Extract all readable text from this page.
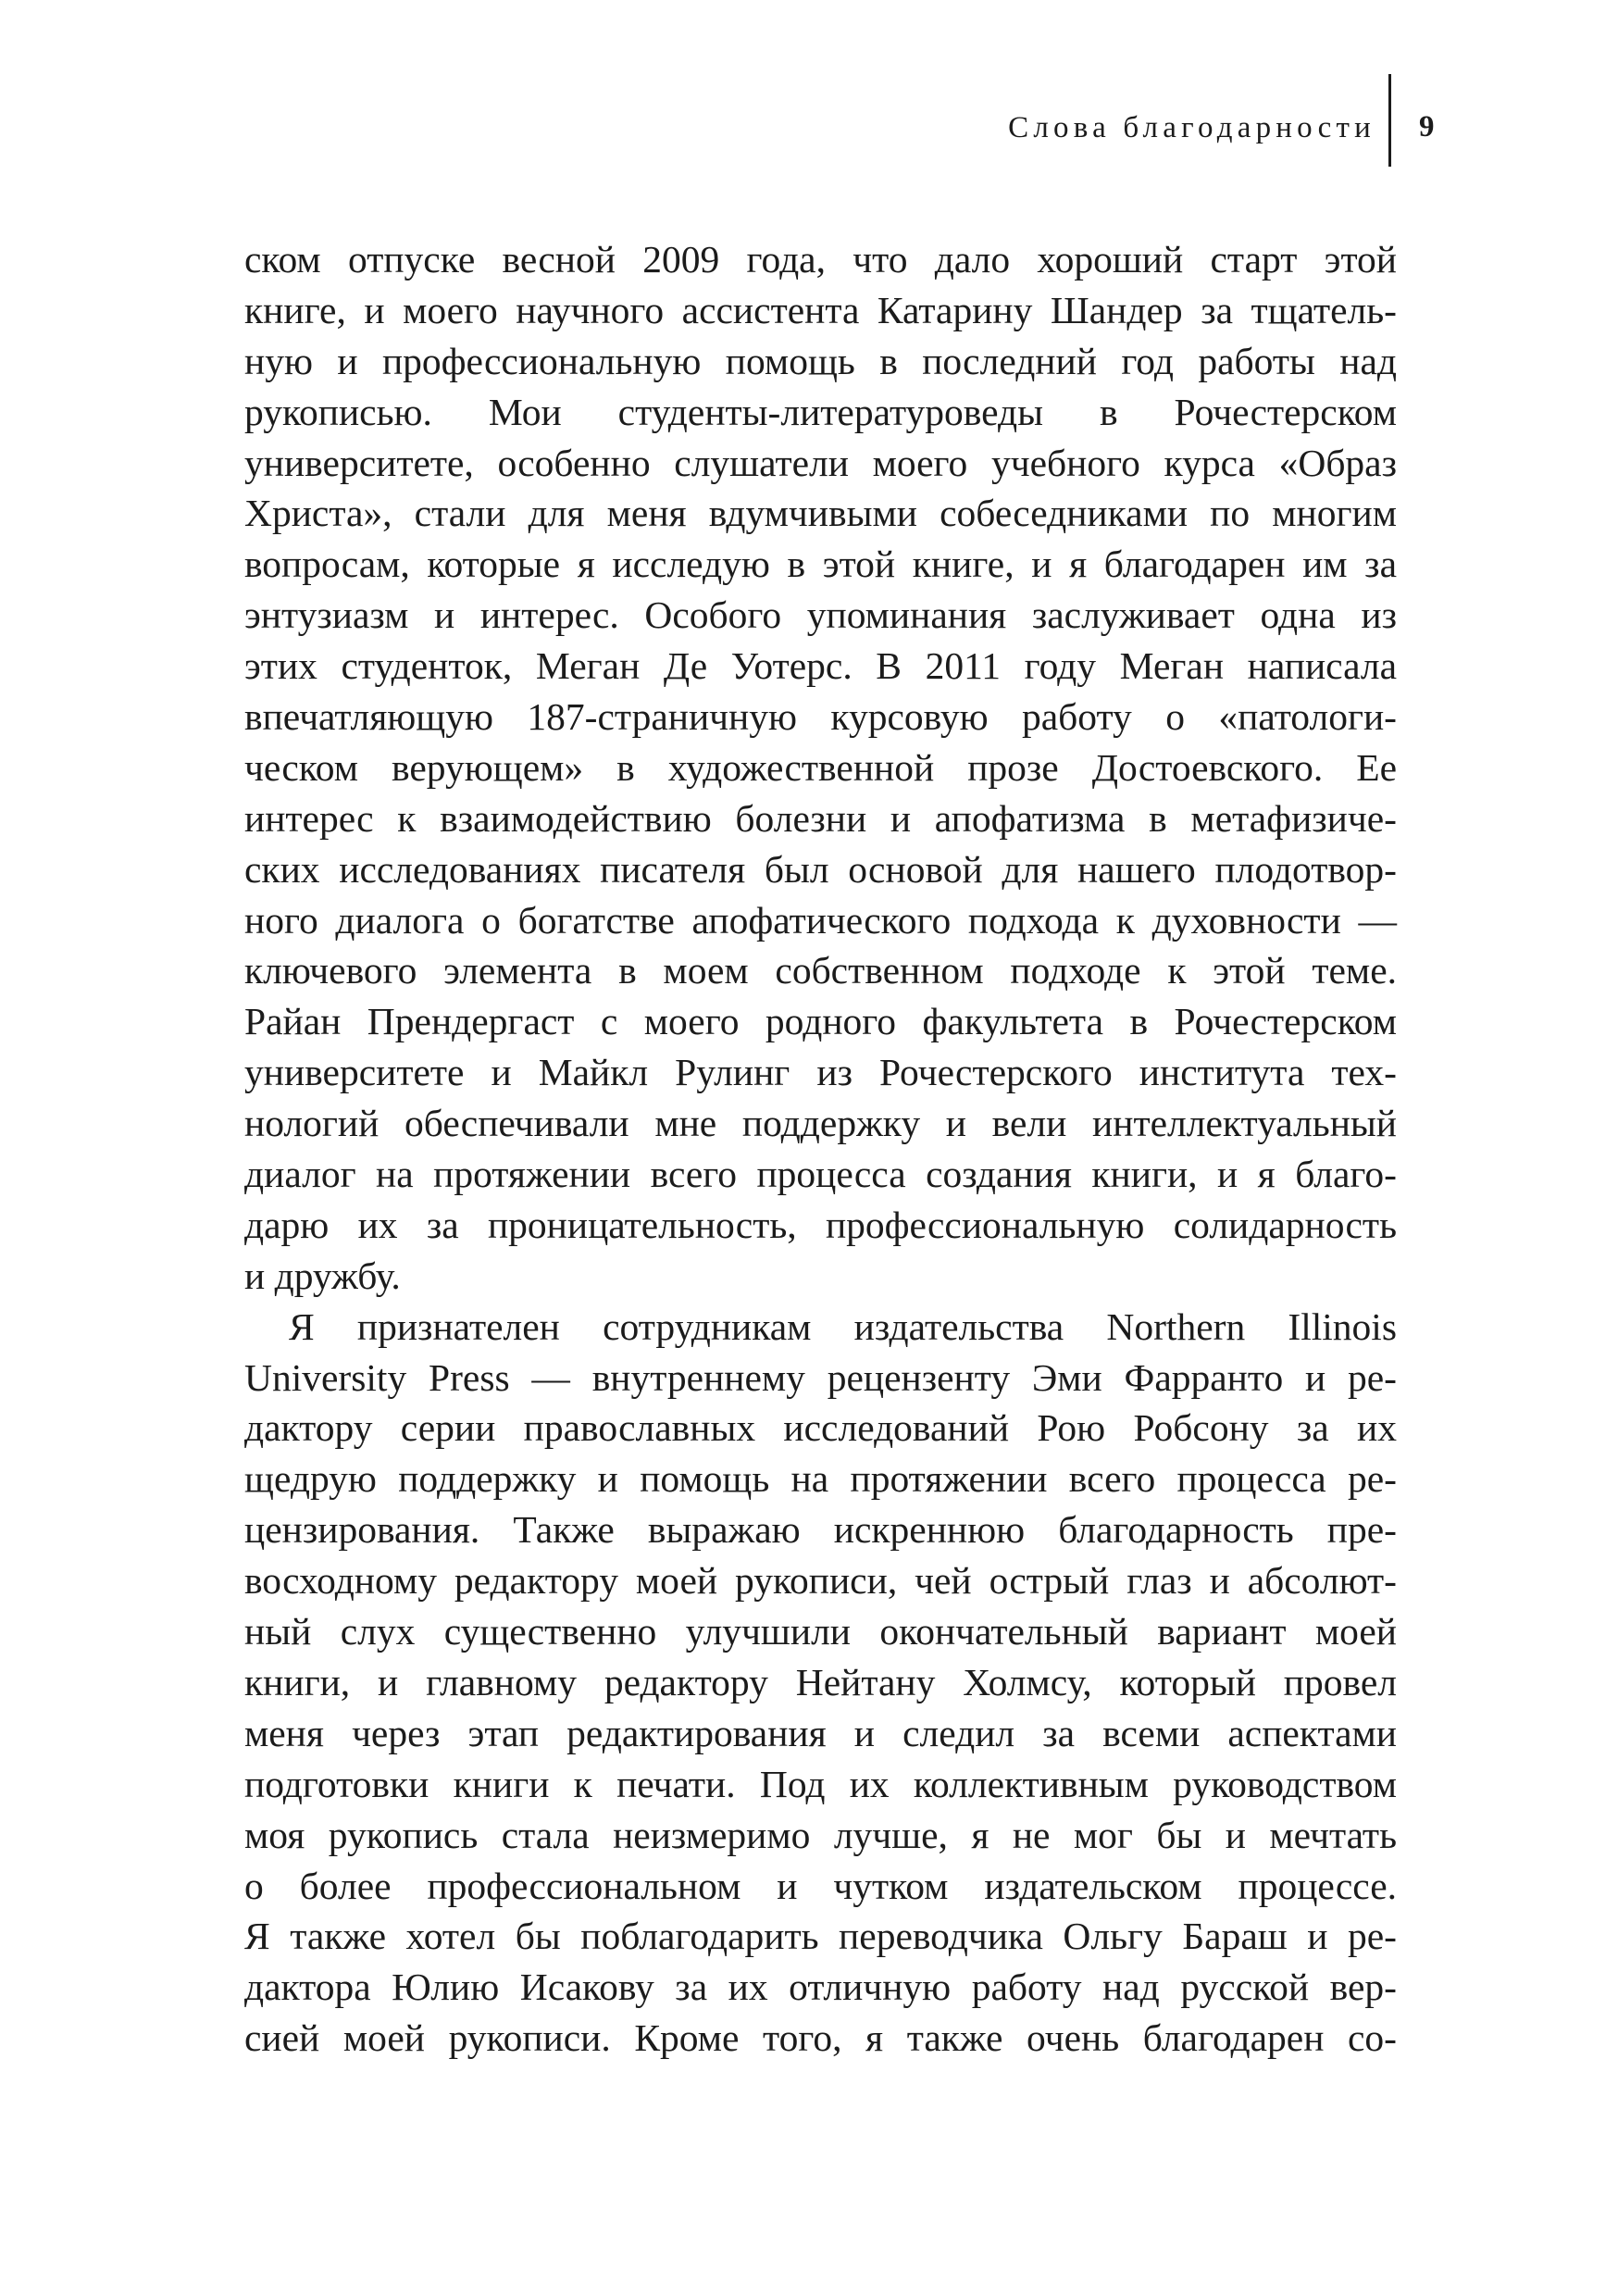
Слова благодарности 9
ском отпуске весной 2009 года, что дало хороший старт этой
книге, и моего научного ассистента Катарину Шандер за тщатель-
ную и профессиональную помощь в последний год работы над
рукописью. Мои студенты-литературоведы в Рочестерском
университете, особенно слушатели моего учебного курса «Образ
Христа», стали для меня вдумчивыми собеседниками по многим
вопросам, которые я исследую в этой книге, и я благодарен им за
энтузиазм и интерес. Особого упоминания заслуживает одна из
этих студенток, Меган Де Уотерс. В 2011 году Меган написала
впечатляющую 187-страничную курсовую работу о «патологи-
ческом верующем» в художественной прозе Достоевского. Ее
интерес к взаимодействию болезни и апофатизма в метафизиче-
ских исследованиях писателя был основой для нашего плодотвор-
ного диалога о богатстве апофатического подхода к духовности —
ключевого элемента в моем собственном подходе к этой теме.
Райан Прендергаст с моего родного факультета в Рочестерском
университете и Майкл Рулинг из Рочестерского института тех-
нологий обеспечивали мне поддержку и вели интеллектуальный
диалог на протяжении всего процесса создания книги, и я благо-
дарю их за проницательность, профессиональную солидарность
и дружбу.
Я признателен сотрудникам издательства Northern Illinois
University Press — внутреннему рецензенту Эми Фарранто и ре-
дактору серии православных исследований Рою Робсону за их
щедрую поддержку и помощь на протяжении всего процесса ре-
цензирования. Также выражаю искреннюю благодарность пре-
восходному редактору моей рукописи, чей острый глаз и абсолют-
ный слух существенно улучшили окончательный вариант моей
книги, и главному редактору Нейтану Холмсу, который провел
меня через этап редактирования и следил за всеми аспектами
подготовки книги к печати. Под их коллективным руководством
моя рукопись стала неизмеримо лучше, я не мог бы и мечтать
о более профессиональном и чутком издательском процессе.
Я также хотел бы поблагодарить переводчика Ольгу Бараш и ре-
дактора Юлию Исакову за их отличную работу над русской вер-
сией моей рукописи. Кроме того, я также очень благодарен со-
